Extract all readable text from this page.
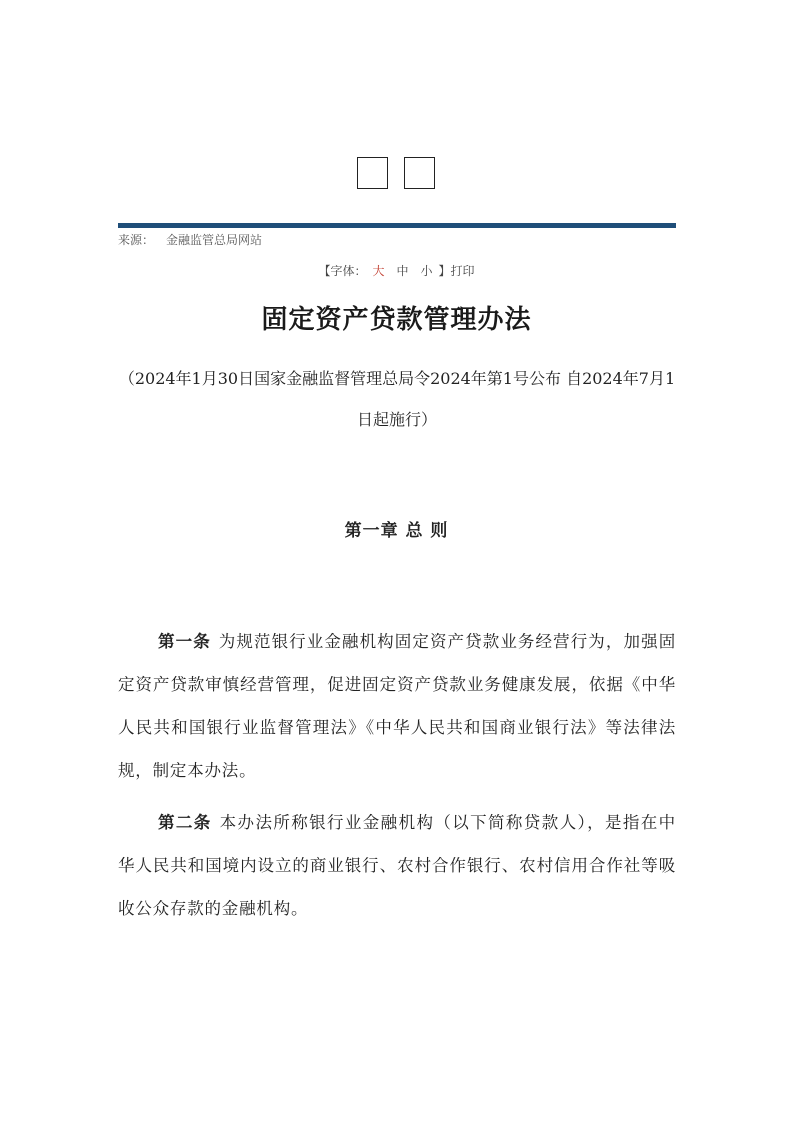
来源： 金融监管总局网站
【字体： 大 中 小 】打印
固定资产贷款管理办法
（2024年1月30日国家金融监督管理总局令2024年第1号公布 自2024年7月1日起施行）
第一章 总 则
第一条 为规范银行业金融机构固定资产贷款业务经营行为，加强固定资产贷款审慎经营管理，促进固定资产贷款业务健康发展，依据《中华人民共和国银行业监督管理法》《中华人民共和国商业银行法》等法律法规，制定本办法。
第二条 本办法所称银行业金融机构（以下简称贷款人），是指在中华人民共和国境内设立的商业银行、农村合作银行、农村信用合作社等吸收公众存款的金融机构。
